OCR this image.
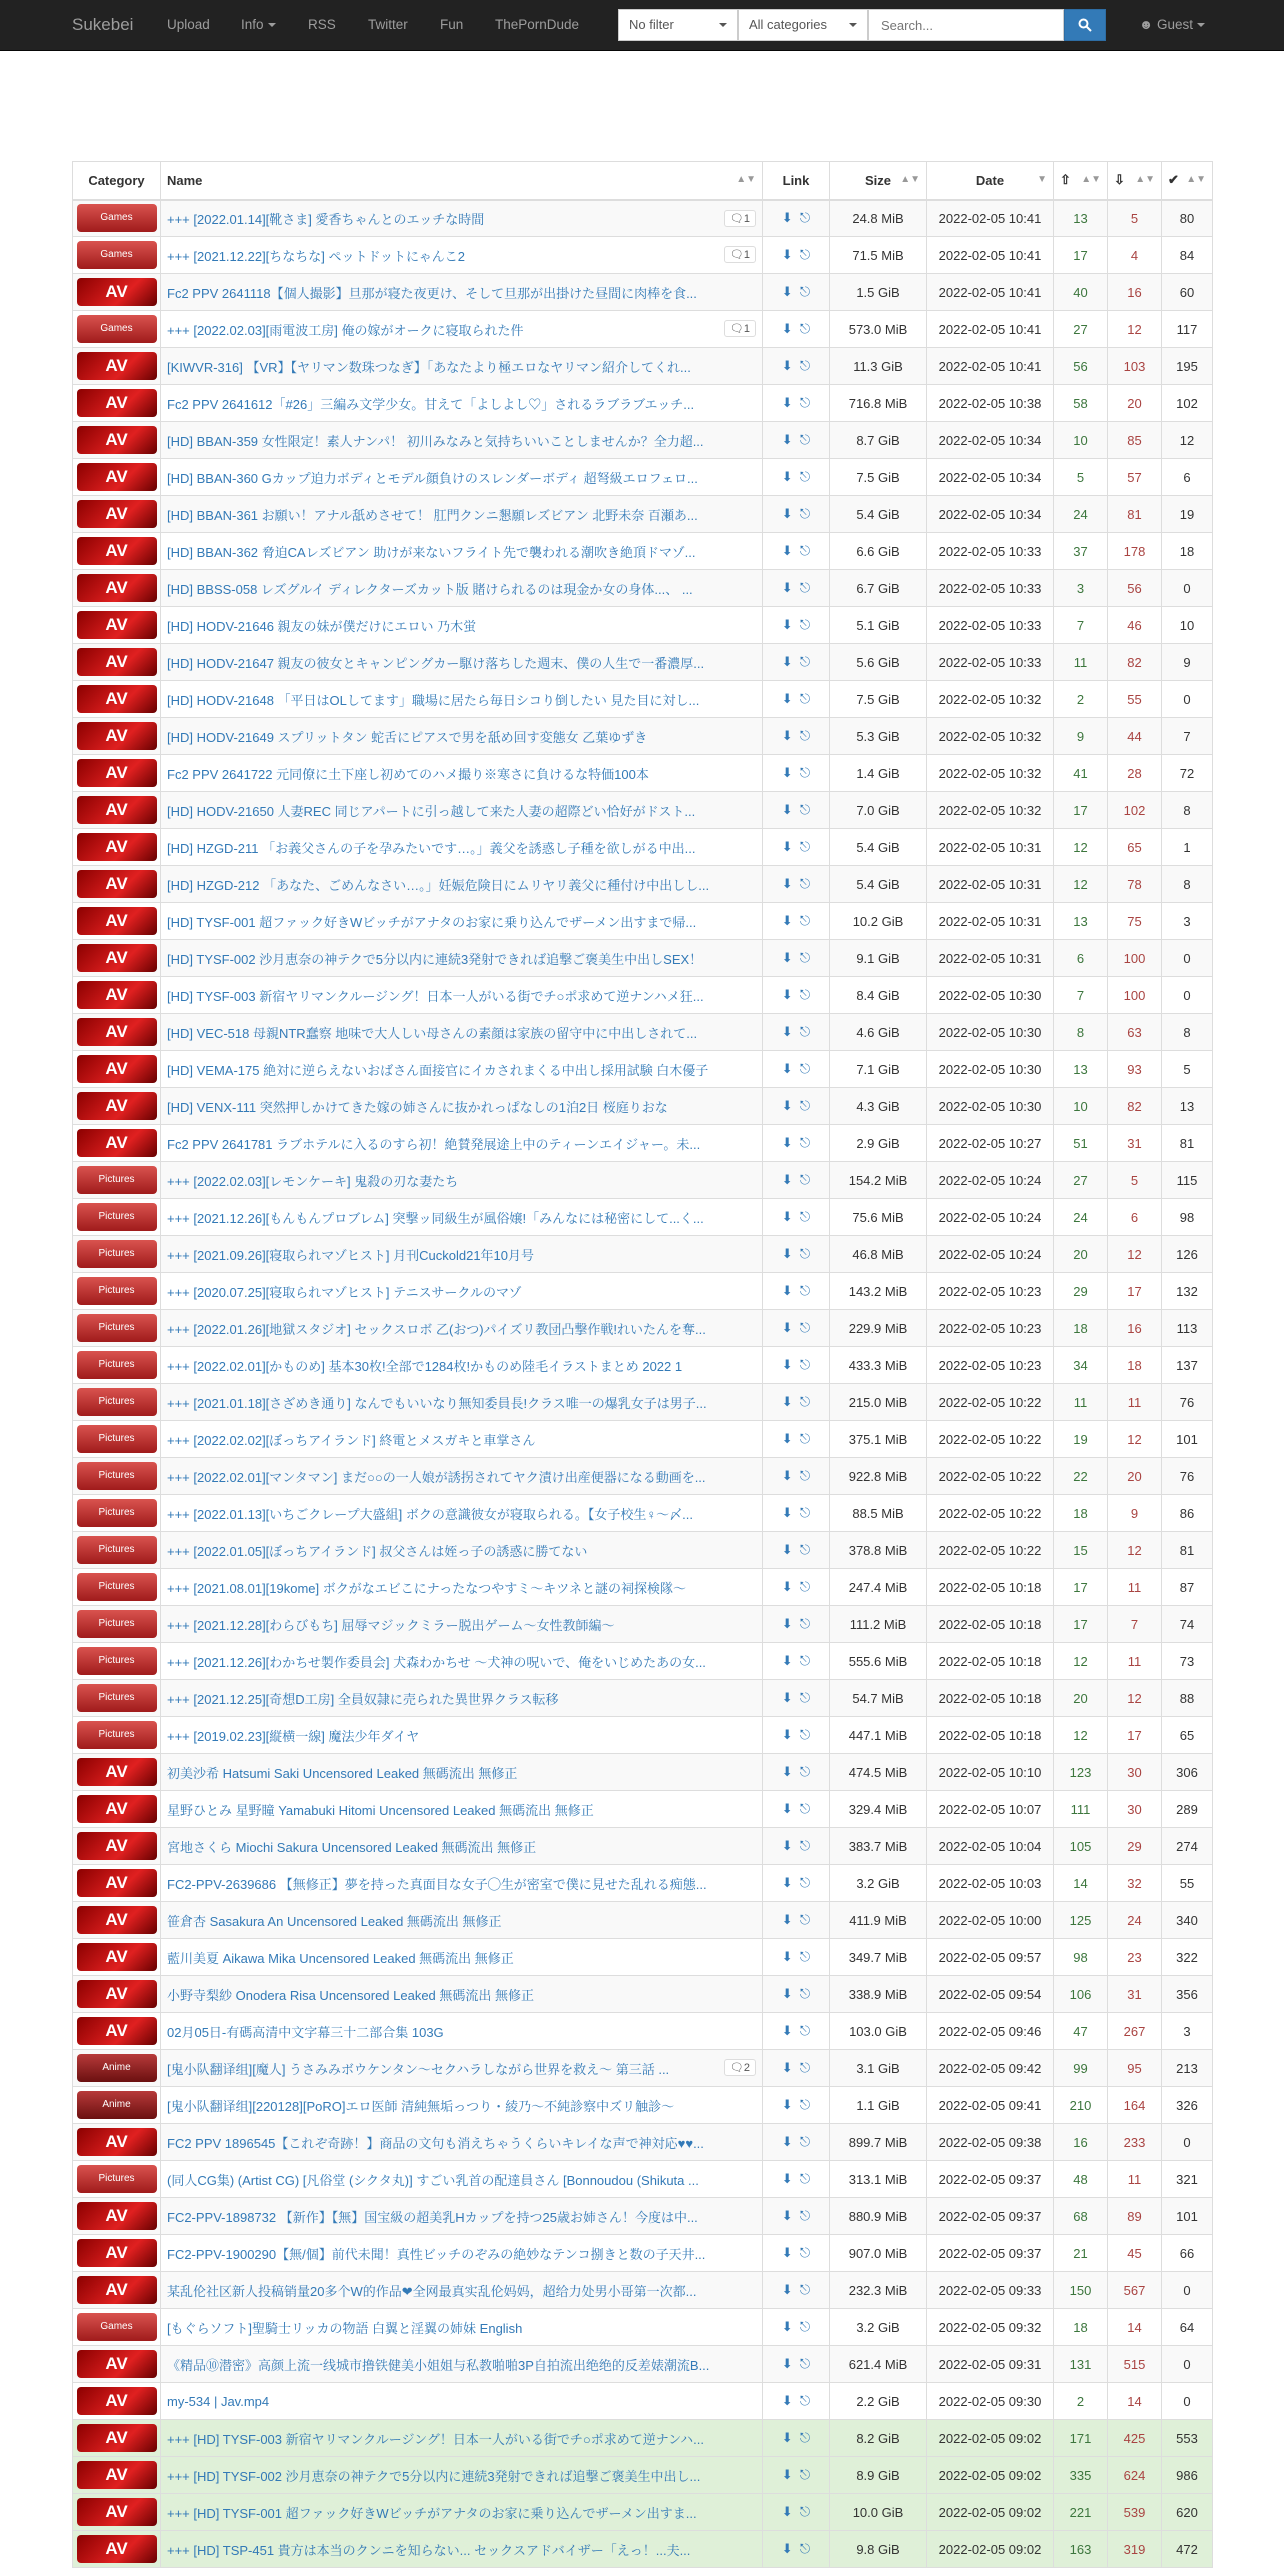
Sukebei Upload Info	RSS Twitter Fun ThePornDude	No filter	All categories
Search...	☻ Guest
Category	Name ▲▼	Link	Size ▲▼	Date ▼	⇧ ▲▼	⇩ ▲▼	✔ ▲▼

Games	+++ [2022.01.14][靴さま] 愛香ちゃんとのエッチな時間 🗨1	⬇ ⎋	24.8 MiB	2022-02-05 10:41	13	5	80
Games	+++ [2021.12.22][ちなちな] ペットドットにゃんこ2 🗨1	⬇ ⎋	71.5 MiB	2022-02-05 10:41	17	4	84
AV	Fc2 PPV 2641118【個人撮影】旦那が寝た夜更け、そして旦那が出掛けた昼間に肉棒を食...	⬇ ⎋	1.5 GiB	2022-02-05 10:41	40	16	60
Games	+++ [2022.02.03][雨電波工房] 俺の嫁がオークに寝取られた件 🗨1	⬇ ⎋	573.0 MiB	2022-02-05 10:41	27	12	117
AV	[KIWVR-316] 【VR】【ヤリマン数珠つなぎ】「あなたより極エロなヤリマン紹介してくれ...	⬇ ⎋	11.3 GiB	2022-02-05 10:41	56	103	195
AV	Fc2 PPV 2641612「#26」三編み文学少女。甘えて「よしよし♡」されるラブラブエッチ...	⬇ ⎋	716.8 MiB	2022-02-05 10:38	58	20	102
AV	[HD] BBAN-359 女性限定！素人ナンパ！ 初川みなみと気持ちいいことしませんか？全力超...	⬇ ⎋	8.7 GiB	2022-02-05 10:34	10	85	12
AV	[HD] BBAN-360 Gカップ迫力ボディとモデル顔負けのスレンダーボディ 超弩級エロフェロ...	⬇ ⎋	7.5 GiB	2022-02-05 10:34	5	57	6
AV	[HD] BBAN-361 お願い！アナル舐めさせて！ 肛門クンニ懇願レズビアン 北野未奈 百瀬あ...	⬇ ⎋	5.4 GiB	2022-02-05 10:34	24	81	19
AV	[HD] BBAN-362 脅迫CAレズビアン 助けが来ないフライト先で襲われる潮吹き絶頂ドマゾ...	⬇ ⎋	6.6 GiB	2022-02-05 10:33	37	178	18
AV	[HD] BBSS-058 レズグルイ ディレクターズカット版 賭けられるのは現金か女の身体...、 ...	⬇ ⎋	6.7 GiB	2022-02-05 10:33	3	56	0
AV	[HD] HODV-21646 親友の妹が僕だけにエロい 乃木蛍	⬇ ⎋	5.1 GiB	2022-02-05 10:33	7	46	10
AV	[HD] HODV-21647 親友の彼女とキャンピングカー駆け落ちした週末、僕の人生で一番濃厚...	⬇ ⎋	5.6 GiB	2022-02-05 10:33	11	82	9
AV	[HD] HODV-21648 「平日はOLしてます」職場に居たら毎日シコり倒したい 見た目に対し...	⬇ ⎋	7.5 GiB	2022-02-05 10:32	2	55	0
AV	[HD] HODV-21649 スプリットタン 蛇舌にピアスで男を舐め回す変態女 乙葉ゆずき	⬇ ⎋	5.3 GiB	2022-02-05 10:32	9	44	7
AV	Fc2 PPV 2641722 元同僚に土下座し初めてのハメ撮り※寒さに負けるな特価100本	⬇ ⎋	1.4 GiB	2022-02-05 10:32	41	28	72
AV	[HD] HODV-21650 人妻REC 同じアパートに引っ越して来た人妻の超際どい恰好がドスト...	⬇ ⎋	7.0 GiB	2022-02-05 10:32	17	102	8
AV	[HD] HZGD-211 「お義父さんの子を孕みたいです…。」義父を誘惑し子種を欲しがる中出...	⬇ ⎋	5.4 GiB	2022-02-05 10:31	12	65	1
AV	[HD] HZGD-212 「あなた、ごめんなさい…。」妊娠危険日にムリヤリ義父に種付け中出しし...	⬇ ⎋	5.4 GiB	2022-02-05 10:31	12	78	8
AV	[HD] TYSF-001 超ファック好きWビッチがアナタのお家に乗り込んでザーメン出すまで帰...	⬇ ⎋	10.2 GiB	2022-02-05 10:31	13	75	3
AV	[HD] TYSF-002 沙月恵奈の神テクで5分以内に連続3発射できれば追撃ご褒美生中出しSEX！	⬇ ⎋	9.1 GiB	2022-02-05 10:31	6	100	0
AV	[HD] TYSF-003 新宿ヤリマンクルージング！日本一人がいる街でチ○ポ求めて逆ナンハメ狂...	⬇ ⎋	8.4 GiB	2022-02-05 10:30	7	100	0
AV	[HD] VEC-518 母親NTR蠢察 地味で大人しい母さんの素顔は家族の留守中に中出しされて...	⬇ ⎋	4.6 GiB	2022-02-05 10:30	8	63	8
AV	[HD] VEMA-175 絶対に逆らえないおばさん面接官にイカされまくる中出し採用試験 白木優子	⬇ ⎋	7.1 GiB	2022-02-05 10:30	13	93	5
AV	[HD] VENX-111 突然押しかけてきた嫁の姉さんに抜かれっぱなしの1泊2日 桜庭りおな	⬇ ⎋	4.3 GiB	2022-02-05 10:30	10	82	13
AV	Fc2 PPV 2641781 ラブホテルに入るのすら初！絶賛発展途上中のティーンエイジャー。未...	⬇ ⎋	2.9 GiB	2022-02-05 10:27	51	31	81
Pictures	+++ [2022.02.03][レモンケーキ] 鬼殺の刃な妻たち	⬇ ⎋	154.2 MiB	2022-02-05 10:24	27	5	115
Pictures	+++ [2021.12.26][もんもんプロブレム] 突撃ッ同級生が風俗嬢!「みんなには秘密にして...く...	⬇ ⎋	75.6 MiB	2022-02-05 10:24	24	6	98
Pictures	+++ [2021.09.26][寝取られマゾヒスト] 月刊Cuckold21年10月号	⬇ ⎋	46.8 MiB	2022-02-05 10:24	20	12	126
Pictures	+++ [2020.07.25][寝取られマゾヒスト] テニスサークルのマゾ	⬇ ⎋	143.2 MiB	2022-02-05 10:23	29	17	132
Pictures	+++ [2022.01.26][地獄スタジオ] セックスロボ 乙(おつ)パイズリ教団凸撃作戦!れいたんを奪...	⬇ ⎋	229.9 MiB	2022-02-05 10:23	18	16	113
Pictures	+++ [2022.02.01][かものめ] 基本30枚!全部で1284枚!かものめ陸毛イラストまとめ 2022 1	⬇ ⎋	433.3 MiB	2022-02-05 10:23	34	18	137
Pictures	+++ [2021.01.18][さざめき通り] なんでもいいなり無知委員長!クラス唯一の爆乳女子は男子...	⬇ ⎋	215.0 MiB	2022-02-05 10:22	11	11	76
Pictures	+++ [2022.02.02][ぼっちアイランド] 終電とメスガキと車掌さん	⬇ ⎋	375.1 MiB	2022-02-05 10:22	19	12	101
Pictures	+++ [2022.02.01][マンタマン] まだ○○の一人娘が誘拐されてヤク漬け出産便器になる動画を...	⬇ ⎋	922.8 MiB	2022-02-05 10:22	22	20	76
Pictures	+++ [2022.01.13][いちごクレープ大盛組] ボクの意識彼女が寝取られる。【女子校生♀～〆...	⬇ ⎋	88.5 MiB	2022-02-05 10:22	18	9	86
Pictures	+++ [2022.01.05][ぼっちアイランド] 叔父さんは姪っ子の誘惑に勝てない	⬇ ⎋	378.8 MiB	2022-02-05 10:22	15	12	81
Pictures	+++ [2021.08.01][19kome] ボクがなエビこにナったなつやすミ～キツネと謎の祠探検隊～	⬇ ⎋	247.4 MiB	2022-02-05 10:18	17	11	87
Pictures	+++ [2021.12.28][わらびもち] 屈辱マジックミラー脱出ゲーム～女性教師編～	⬇ ⎋	111.2 MiB	2022-02-05 10:18	17	7	74
Pictures	+++ [2021.12.26][わかちせ製作委員会] 犬森わかちせ ～犬神の呪いで、俺をいじめたあの女...	⬇ ⎋	555.6 MiB	2022-02-05 10:18	12	11	73
Pictures	+++ [2021.12.25][奇想D工房] 全員奴隷に売られた異世界クラス転移	⬇ ⎋	54.7 MiB	2022-02-05 10:18	20	12	88
Pictures	+++ [2019.02.23][縦横一線] 魔法少年ダイヤ	⬇ ⎋	447.1 MiB	2022-02-05 10:18	12	17	65
AV	初美沙希 Hatsumi Saki Uncensored Leaked 無碼流出 無修正	⬇ ⎋	474.5 MiB	2022-02-05 10:10	123	30	306
AV	星野ひとみ 星野瞳 Yamabuki Hitomi Uncensored Leaked 無碼流出 無修正	⬇ ⎋	329.4 MiB	2022-02-05 10:07	111	30	289
AV	宮地さくら Miochi Sakura Uncensored Leaked 無碼流出 無修正	⬇ ⎋	383.7 MiB	2022-02-05 10:04	105	29	274
AV	FC2-PPV-2639686 【無修正】夢を持った真面目な女子◯生が密室で僕に見せた乱れる痴態...	⬇ ⎋	3.2 GiB	2022-02-05 10:03	14	32	55
AV	笹倉杏 Sasakura An Uncensored Leaked 無碼流出 無修正	⬇ ⎋	411.9 MiB	2022-02-05 10:00	125	24	340
AV	藍川美夏 Aikawa Mika Uncensored Leaked 無碼流出 無修正	⬇ ⎋	349.7 MiB	2022-02-05 09:57	98	23	322
AV	小野寺梨紗 Onodera Risa Uncensored Leaked 無碼流出 無修正	⬇ ⎋	338.9 MiB	2022-02-05 09:54	106	31	356
AV	02月05日-有碼高清中文字幕三十二部合集 103G	⬇ ⎋	103.0 GiB	2022-02-05 09:46	47	267	3
Anime	[鬼小队翻译组][魔人] うさみみボウケンタン～セクハラしながら世界を救え～ 第三話 ... 🗨2	⬇ ⎋	3.1 GiB	2022-02-05 09:42	99	95	213
Anime	[鬼小队翻译组][220128][PoRO]エロ医師 清純無垢っつり・綾乃～不純診察中ズリ触診～	⬇ ⎋	1.1 GiB	2022-02-05 09:41	210	164	326
AV	FC2 PPV 1896545【これぞ奇跡！】商品の文句も消えちゃうくらいキレイな声で神対応♥♥...	⬇ ⎋	899.7 MiB	2022-02-05 09:38	16	233	0
Pictures	(同人CG集) (Artist CG) [凡俗堂 (シクタ丸)] すごい乳首の配達員さん [Bonnoudou (Shikuta ...	⬇ ⎋	313.1 MiB	2022-02-05 09:37	48	11	321
AV	FC2-PPV-1898732 【新作】【無】国宝級の超美乳Hカップを持つ25歳お姉さん！今度は中...	⬇ ⎋	880.9 MiB	2022-02-05 09:37	68	89	101
AV	FC2-PPV-1900290【無/個】前代未聞！真性ビッチのぞみの絶妙なテンコ捌きと数の子天井...	⬇ ⎋	907.0 MiB	2022-02-05 09:37	21	45	66
AV	某乱伦社区新人投稿销量20多个W的作品❤全网最真实乱伦妈妈，超给力处男小哥第一次都...	⬇ ⎋	232.3 MiB	2022-02-05 09:33	150	567	0
Games	[もぐらソフト]聖騎士リッカの物語 白翼と淫翼の姉妹 English	⬇ ⎋	3.2 GiB	2022-02-05 09:32	18	14	64
AV	《精品⑩潜密》高颜上流一线城市撸铁健美小姐姐与私教啪啪3P自拍流出绝绝的反差婊潮流B...	⬇ ⎋	621.4 MiB	2022-02-05 09:31	131	515	0
AV	my-534 | Jav.mp4	⬇ ⎋	2.2 GiB	2022-02-05 09:30	2	14	0
AV	+++ [HD] TYSF-003 新宿ヤリマンクルージング！日本一人がいる街でチ○ポ求めて逆ナンハ...	⬇ ⎋	8.2 GiB	2022-02-05 09:02	171	425	553
AV	+++ [HD] TYSF-002 沙月恵奈の神テクで5分以内に連続3発射できれば追撃ご褒美生中出し...	⬇ ⎋	8.9 GiB	2022-02-05 09:02	335	624	986
AV	+++ [HD] TYSF-001 超ファック好きWビッチがアナタのお家に乗り込んでザーメン出すま...	⬇ ⎋	10.0 GiB	2022-02-05 09:02	221	539	620
AV	+++ [HD] TSP-451 貴方は本当のクンニを知らない... セックスアドバイザー「えっ！...夫...	⬇ ⎋	9.8 GiB	2022-02-05 09:02	163	319	472
